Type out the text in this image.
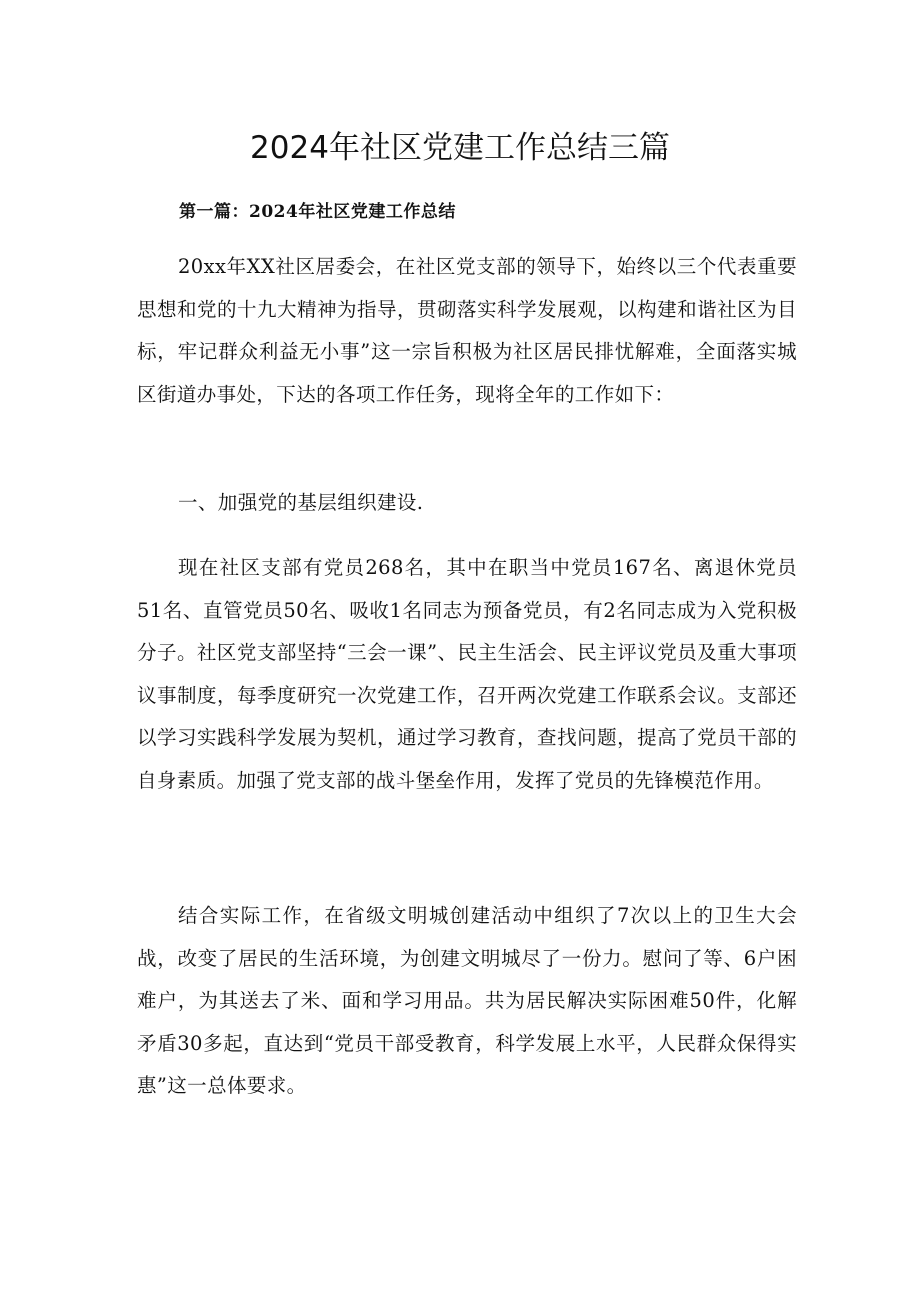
2024年社区党建工作总结三篇
第一篇：2024年社区党建工作总结

20xx年XX社区居委会，在社区党支部的领导下，始终以三个代表重要思想和党的十九大精神为指导，贯砌落实科学发展观，以构建和谐社区为目标，牢记群众利益无小事”这一宗旨积极为社区居民排忧解难，全面落实城区街道办事处，下达的各项工作任务，现将全年的工作如下：

一、加强党的基层组织建设.

现在社区支部有党员268名，其中在职当中党员167名、离退休党员51名、直管党员50名、吸收1名同志为预备党员，有2名同志成为入党积极分子。社区党支部坚持“三会一课”、民主生活会、民主评议党员及重大事项议事制度，每季度研究一次党建工作，召开两次党建工作联系会议。支部还以学习实践科学发展为契机，通过学习教育，查找问题，提高了党员干部的自身素质。加强了党支部的战斗堡垒作用，发挥了党员的先锋模范作用。

结合实际工作，在省级文明城创建活动中组织了7次以上的卫生大会战，改变了居民的生活环境，为创建文明城尽了一份力。慰问了等、6户困难户，为其送去了米、面和学习用品。共为居民解决实际困难50件，化解矛盾30多起，直达到“党员干部受教育，科学发展上水平，人民群众保得实惠”这一总体要求。
